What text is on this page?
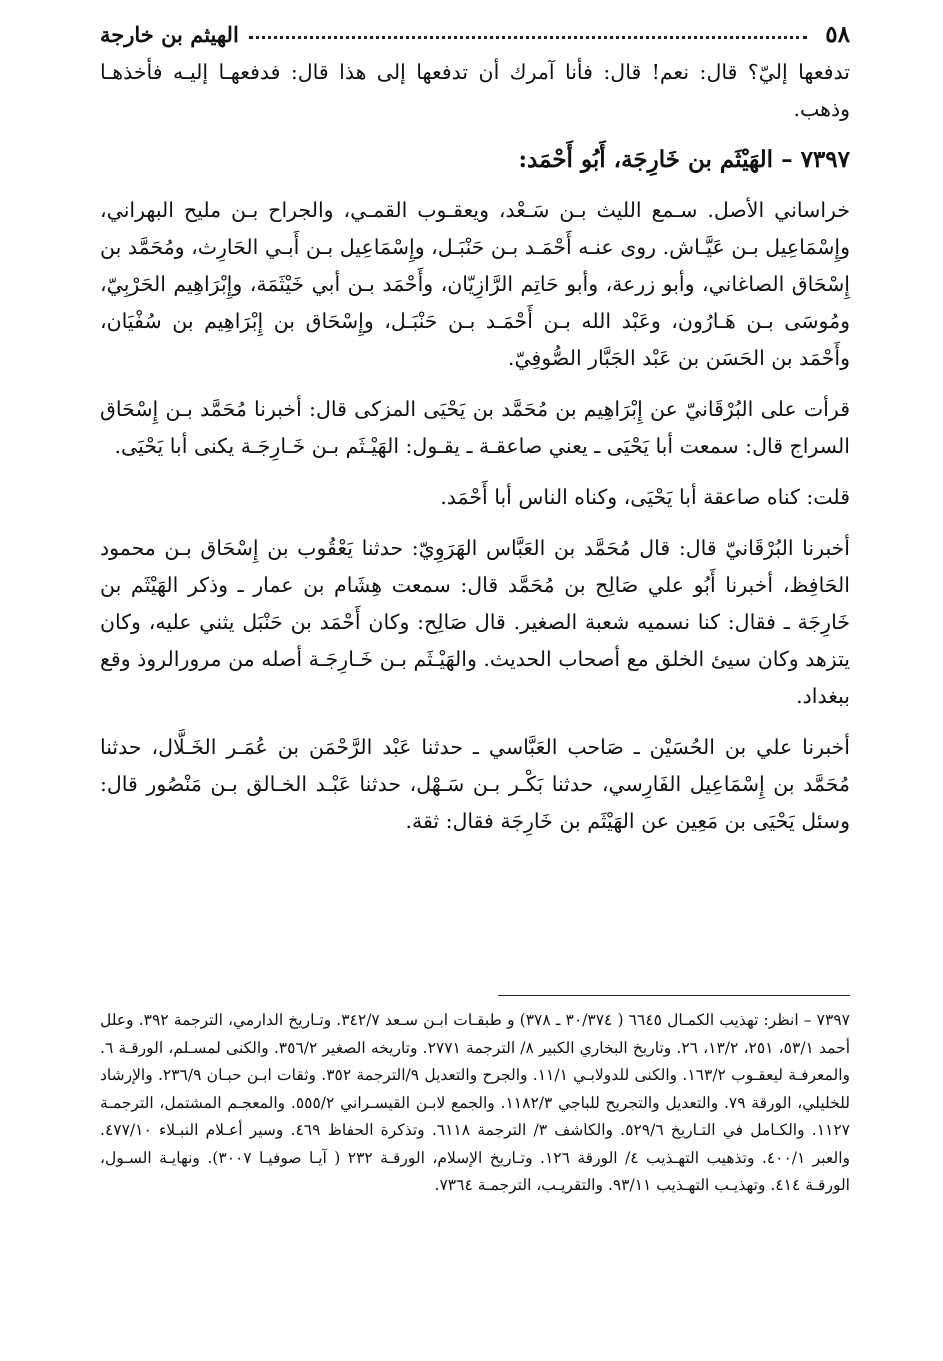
٥٨
الهيثم بن خارجة

تدفعها إليّ؟ قال: نعم! قال: فأنا آمرك أن تدفعها إلى هذا قال: فدفعهـا إليـه فأخذهـا وذهب.

٧٣٩٧ – الهَيْثَم بن خَارِجَة، أَبُو أَحْمَد:

خراساني الأصل. سـمع الليث بـن سَـعْد، ويعقـوب القمـي، والجراح بـن مليح البهراني، وإِسْمَاعِيل بـن عَيَّـاش. روى عنـه أَحْمَـد بـن حَنْبَـل، وإِسْمَاعِيل بـن أَبـي الحَارِث، ومُحَمَّد بن إِسْحَاق الصاغاني، وأبو زرعة، وأبو حَاتِم الرَّازِيّان، وأَحْمَد بـن أبي خَيْثَمَة، وإِبْرَاهِيم الحَرْبِيّ، ومُوسَى بـن هَـارُون، وعَبْد الله بـن أَحْمَـد بـن حَنْبَـل، وإِسْحَاق بن إِبْرَاهِيم بن سُفْيَان، وأَحْمَد بن الحَسَن بن عَبْد الجَبَّار الصُّوفِيّ.

قرأت على البُرْقَانيّ عن إِبْرَاهِيم بن مُحَمَّد بن يَحْيَى المزكى قال: أخبرنا مُحَمَّد بـن إِسْحَاق السراج قال: سمعت أبا يَحْيَى ـ يعني صاعقـة ـ يقـول: الهَيْـثَم بـن خَـارِجَـة يكنى أبا يَحْيَى.

قلت: كناه صاعقة أبا يَحْيَى، وكناه الناس أبا أَحْمَد.

أخبرنا البُرْقَانيّ قال: قال مُحَمَّد بن العَبَّاس الهَرَوِيّ: حدثنا يَعْقُوب بن إِسْحَاق بـن محمود الحَافِظ، أخبرنا أَبُو علي صَالِح بن مُحَمَّد قال: سمعت هِشَام بن عمار ـ وذكر الهَيْثَم بن خَارِجَة ـ فقال: كنا نسميه شعبة الصغير. قال صَالِح: وكان أَحْمَد بن حَنْبَل يثني عليه، وكان يتزهد وكان سيئ الخلق مع أصحاب الحديث. والهَيْـثَم بـن خَـارِجَـة أصله من مرورالروذ وقع ببغداد.

أخبرنا علي بن الحُسَيْن ـ صَاحب العَبَّاسي ـ حدثنا عَبْد الرَّحْمَن بن عُمَـر الخَـلَّال، حدثنا مُحَمَّد بن إِسْمَاعِيل الفَارِسي، حدثنا بَكْـر بـن سَـهْل، حدثنا عَبْـد الخـالق بـن مَنْصُور قال: وسئل يَحْيَى بن مَعِين عن الهَيْثَم بن خَارِجَة فقال: ثقة.

٧٣٩٧ – انظر: تهذيب الكمـال ٦٦٤٥ ( ٣٠/٣٧٤ ـ ٣٧٨) و طبقـات ابـن سـعد ٣٤٢/٧. وتـاريخ الدارمي، الترجمة ٣٩٢. وعلل أحمد ٥٣/١، ٢٥١، ١٣/٢، ٢٦. وتاريخ البخاري الكبير ٨/ الترجمة ٢٧٧١. وتاريخه الصغير ٣٥٦/٢. والكنى لمسـلم، الورقـة ٦. والمعرفـة ليعقـوب ١٦٣/٢. والكنى للدولابـي ١١/١. والجرح والتعديل ٩/الترجمة ٣٥٢. وثقات ابـن حبـان ٢٣٦/٩. والإرشاد للخليلي، الورقة ٧٩. والتعديل والتجريح للباجي ١١٨٢/٣. والجمع لابـن القيسـراني ٥٥٥/٢. والمعجـم المشتمل، الترجمـة ١١٢٧. والكـامل في التـاريخ ٥٢٩/٦. والكاشف ٣/ الترجمة ٦١١٨. وتذكرة الحفاظ ٤٦٩. وسير أعـلام النبـلاء ٤٧٧/١٠. والعبر ٤٠٠/١. وتذهيب التهـذيب ٤/ الورقة ١٢٦. وتـاريخ الإسلام، الورقـة ٢٣٢ ( آيـا صوفيـا ٣٠٠٧). ونهايـة السـول، الورقـة ٤١٤. وتهذيـب التهـذيب ٩٣/١١. والتقريـب، الترجمـة ٧٣٦٤.
